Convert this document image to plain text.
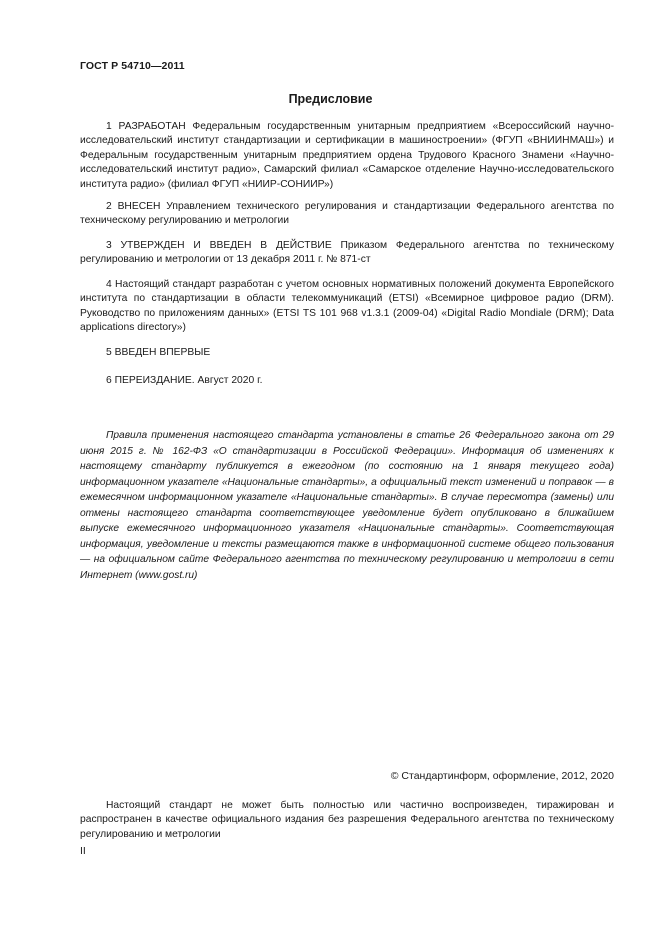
ГОСТ Р 54710—2011
Предисловие

1 РАЗРАБОТАН Федеральным государственным унитарным предприятием «Всероссийский научно-исследовательский институт стандартизации и сертификации в машиностроении» (ФГУП «ВНИИНМАШ») и Федеральным государственным унитарным предприятием ордена Трудового Красного Знамени «Научно-исследовательский институт радио», Самарский филиал «Самарское отделение Научно-исследовательского института радио» (филиал ФГУП «НИИР-СОНИИР»)

2 ВНЕСЕН Управлением технического регулирования и стандартизации Федерального агентства по техническому регулированию и метрологии

3 УТВЕРЖДЕН И ВВЕДЕН В ДЕЙСТВИЕ Приказом Федерального агентства по техническому регулированию и метрологии от 13 декабря 2011 г. № 871-ст

4 Настоящий стандарт разработан с учетом основных нормативных положений документа Европейского института по стандартизации в области телекоммуникаций (ETSI) «Всемирное цифровое радио (DRM). Руководство по приложениям данных» (ETSI TS 101 968 v1.3.1 (2009-04) «Digital Radio Mondiale (DRM); Data applications directory»)

5 ВВЕДЕН ВПЕРВЫЕ

6 ПЕРЕИЗДАНИЕ. Август 2020 г.

Правила применения настоящего стандарта установлены в статье 26 Федерального закона от 29 июня 2015 г. № 162-ФЗ «О стандартизации в Российской Федерации». Информация об изменениях к настоящему стандарту публикуется в ежегодном (по состоянию на 1 января текущего года) информационном указателе «Национальные стандарты», а официальный текст изменений и поправок — в ежемесячном информационном указателе «Национальные стандарты». В случае пересмотра (замены) или отмены настоящего стандарта соответствующее уведомление будет опубликовано в ближайшем выпуске ежемесячного информационного указателя «Национальные стандарты». Соответствующая информация, уведомление и тексты размещаются также в информационной системе общего пользования — на официальном сайте Федерального агентства по техническому регулированию и метрологии в сети Интернет (www.gost.ru)

© Стандартинформ, оформление, 2012, 2020

Настоящий стандарт не может быть полностью или частично воспроизведен, тиражирован и распространен в качестве официального издания без разрешения Федерального агентства по техническому регулированию и метрологии

II
